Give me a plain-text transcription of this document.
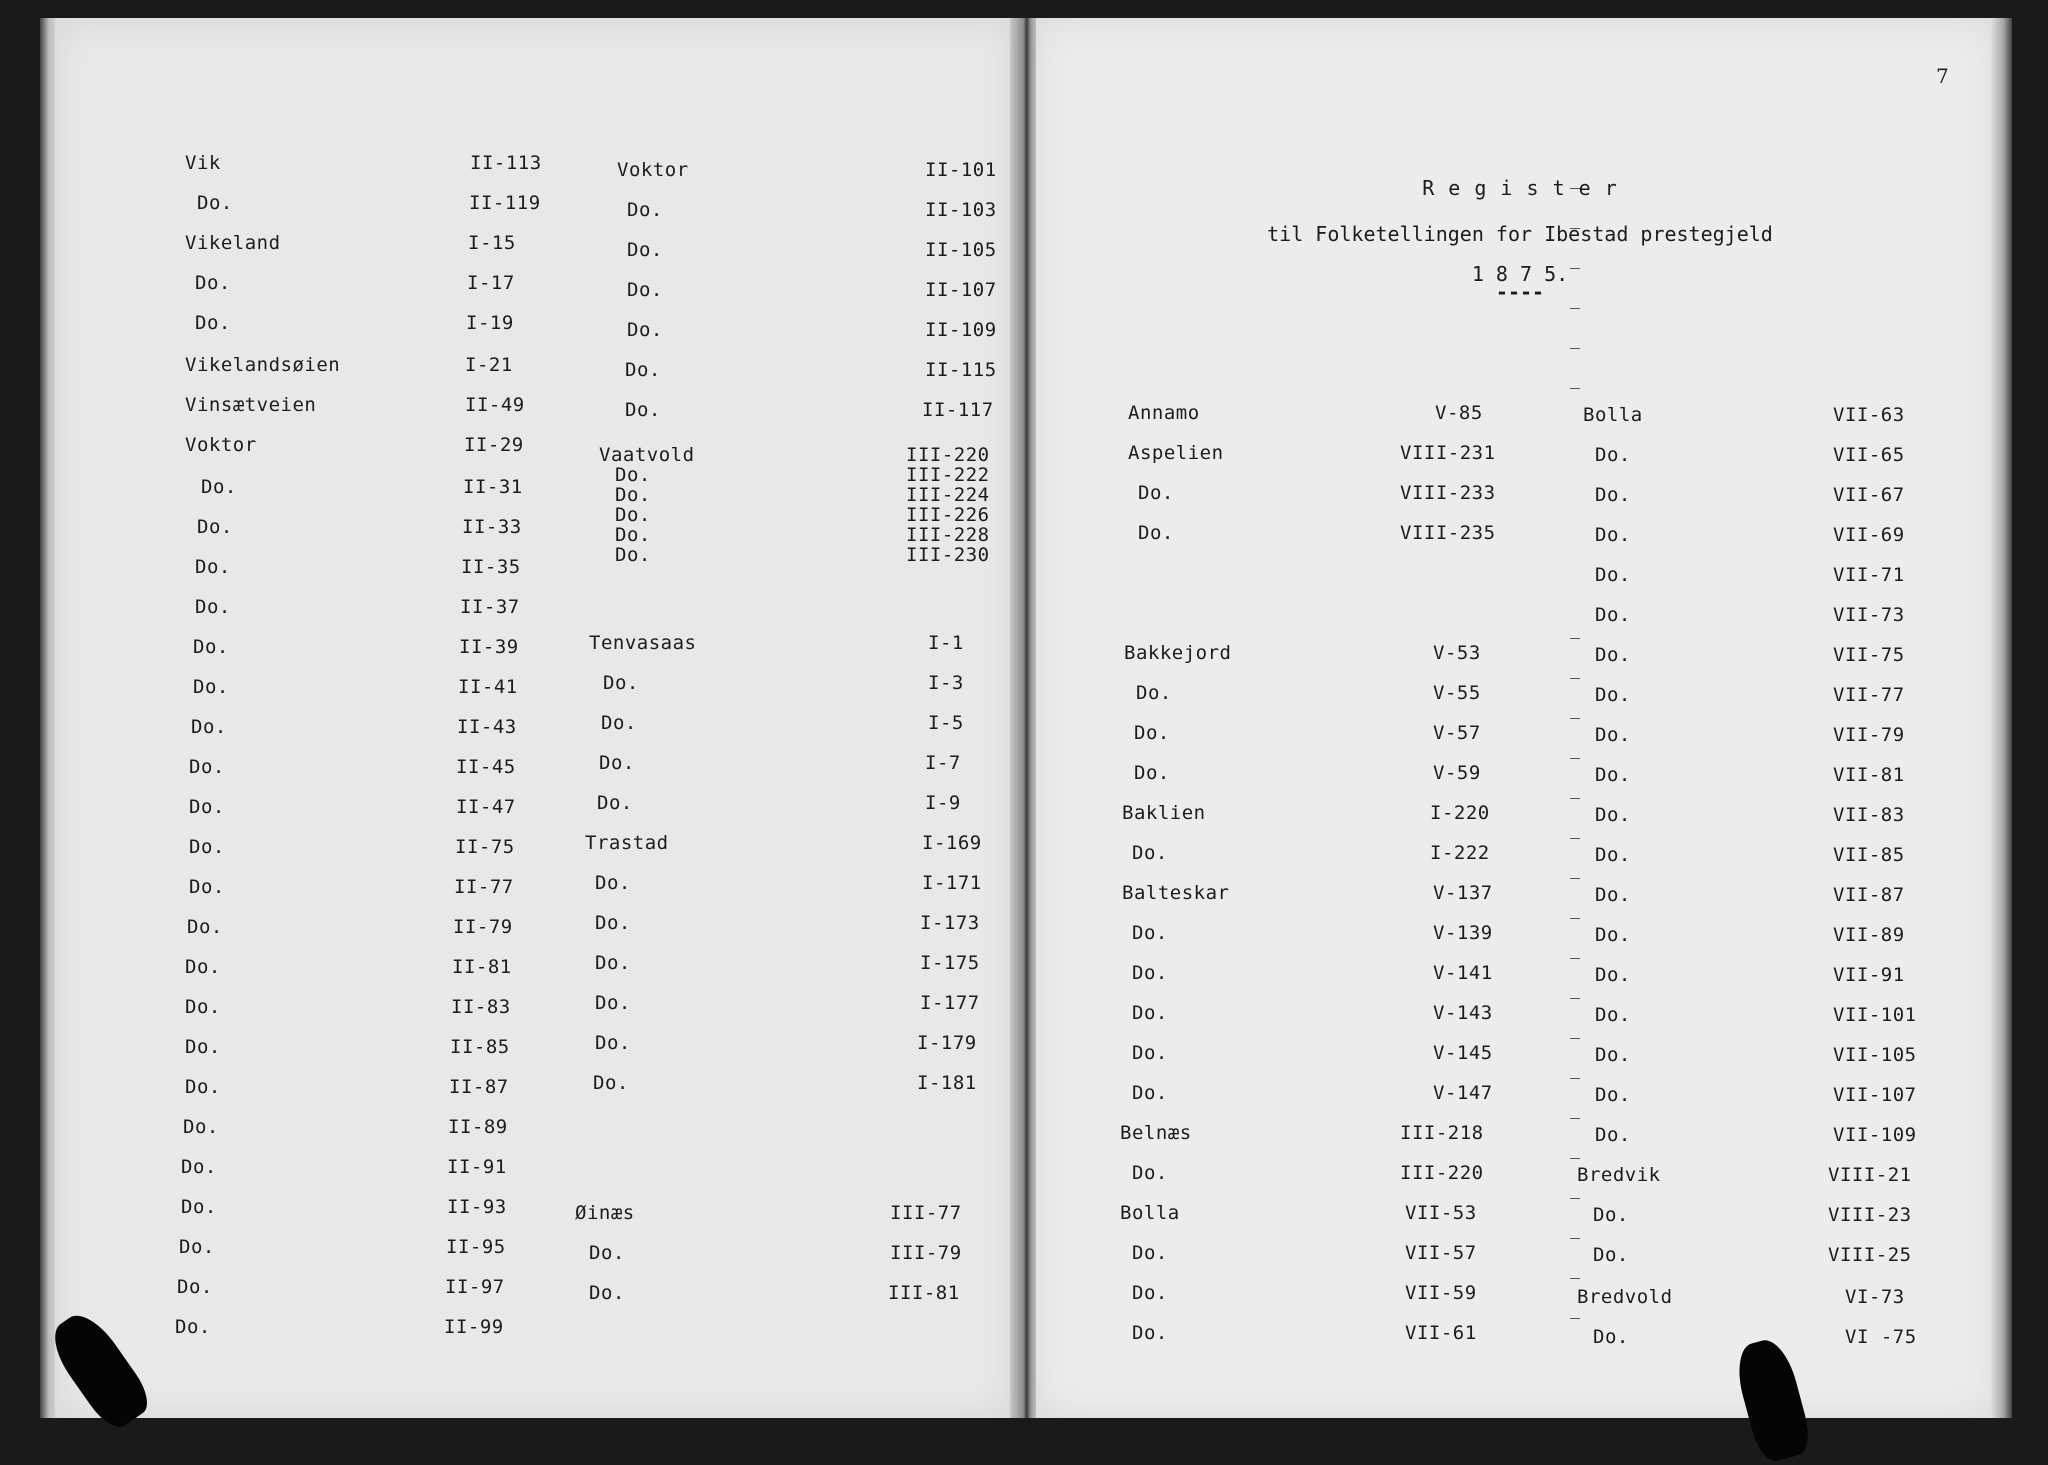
7
R e g i s t e r
til Folketellingen for Ibestad prestegjeld
1 8 7 5.
----
Vik	II-113
Do.	II-119
Vikeland	I-15
Do.	I-17
Do.	I-19
Vikelandsøien	I-21
Vinsætveien	II-49
Voktor	II-29
Do.	II-31
Do.	II-33
Do.	II-35
Do.	II-37
Do.	II-39
Do.	II-41
Do.	II-43
Do.	II-45
Do.	II-47
Do.	II-75
Do.	II-77
Do.	II-79
Do.	II-81
Do.	II-83
Do.	II-85
Do.	II-87
Do.	II-89
Do.	II-91
Do.	II-93
Do.	II-95
Do.	II-97
Do.	II-99
Voktor	II-101
Do.	II-103
Do.	II-105
Do.	II-107
Do.	II-109
Do.	II-115
Do.	II-117
Vaatvold	III-220
Do.	III-222
Do.	III-224
Do.	III-226
Do.	III-228
Do.	III-230
Tenvasaas	I-1
Do.	I-3
Do.	I-5
Do.	I-7
Do.	I-9
Trastad	I-169
Do.	I-171
Do.	I-173
Do.	I-175
Do.	I-177
Do.	I-179
Do.	I-181
Øinæs	III-77
Do.	III-79
Do.	III-81
Annamo	V-85
Aspelien	VIII-231
Do.	VIII-233
Do.	VIII-235
Bakkejord	V-53
Do.	V-55
Do.	V-57
Do.	V-59
Baklien	I-220
Do.	I-222
Balteskar	V-137
Do.	V-139
Do.	V-141
Do.	V-143
Do.	V-145
Do.	V-147
Belnæs	III-218
Do.	III-220
Bolla	VII-53
Do.	VII-57
Do.	VII-59
Do.	VII-61
Bolla	VII-63
Do.	VII-65
Do.	VII-67
Do.	VII-69
Do.	VII-71
Do.	VII-73
Do.	VII-75
Do.	VII-77
Do.	VII-79
Do.	VII-81
Do.	VII-83
Do.	VII-85
Do.	VII-87
Do.	VII-89
Do.	VII-91
Do.	VII-101
Do.	VII-105
Do.	VII-107
Do.	VII-109
Bredvik	VIII-21
Do.	VIII-23
Do.	VIII-25
Bredvold	VI-73
Do.	VI -75
